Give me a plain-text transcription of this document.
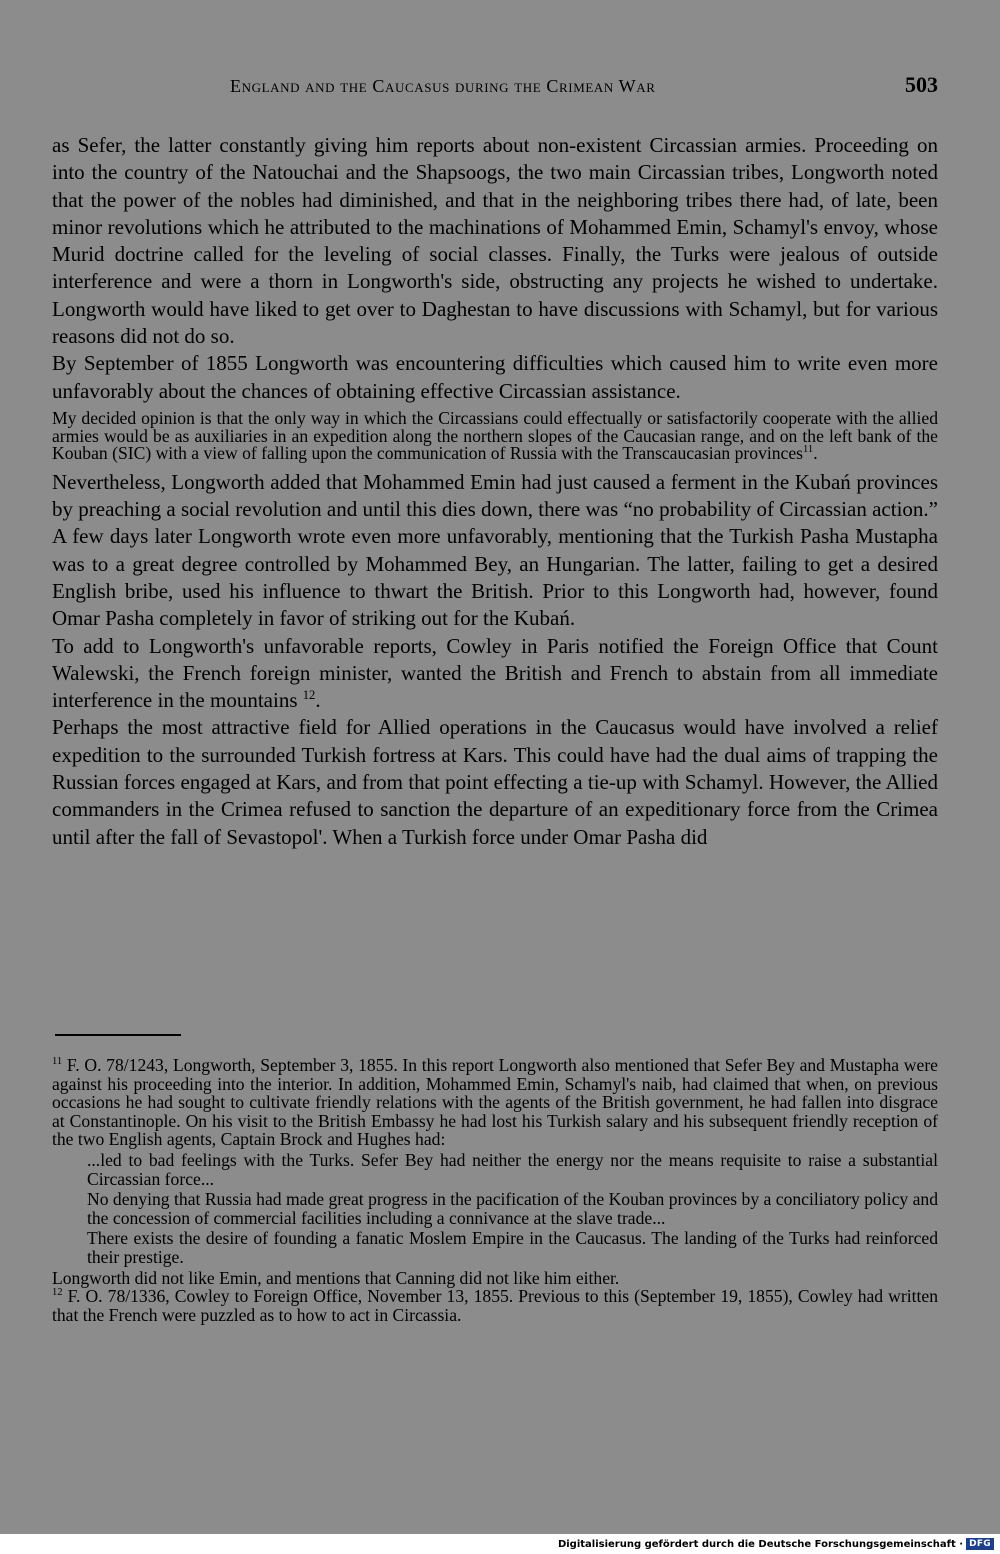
England and the Caucasus during the Crimean War	503

as Sefer, the latter constantly giving him reports about non-existent Circassian armies. Proceeding on into the country of the Natouchai and the Shapsoogs, the two main Circassian tribes, Longworth noted that the power of the nobles had diminished, and that in the neighboring tribes there had, of late, been minor revolutions which he attributed to the machinations of Mohammed Emin, Schamyl's envoy, whose Murid doctrine called for the leveling of social classes. Finally, the Turks were jealous of outside interference and were a thorn in Longworth's side, obstructing any projects he wished to undertake. Longworth would have liked to get over to Daghestan to have discussions with Schamyl, but for various reasons did not do so.

By September of 1855 Longworth was encountering difficulties which caused him to write even more unfavorably about the chances of obtaining effective Circassian assistance.

My decided opinion is that the only way in which the Circassians could effectually or satisfactorily cooperate with the allied armies would be as auxiliaries in an expedition along the northern slopes of the Caucasian range, and on the left bank of the Kouban (SIC) with a view of falling upon the communication of Russia with the Transcaucasian provinces$^{11}$.

Nevertheless, Longworth added that Mohammed Emin had just caused a ferment in the Kubań provinces by preaching a social revolution and until this dies down, there was “no probability of Circassian action.” A few days later Longworth wrote even more unfavorably, mentioning that the Turkish Pasha Mustapha was to a great degree controlled by Mohammed Bey, an Hungarian. The latter, failing to get a desired English bribe, used his influence to thwart the British. Prior to this Longworth had, however, found Omar Pasha completely in favor of striking out for the Kubań.

To add to Longworth's unfavorable reports, Cowley in Paris notified the Foreign Office that Count Walewski, the French foreign minister, wanted the British and French to abstain from all immediate interference in the mountains $^{12}$.

Perhaps the most attractive field for Allied operations in the Caucasus would have involved a relief expedition to the surrounded Turkish fortress at Kars. This could have had the dual aims of trapping the Russian forces engaged at Kars, and from that point effecting a tie-up with Schamyl. However, the Allied commanders in the Crimea refused to sanction the departure of an expeditionary force from the Crimea until after the fall of Sevastopol'. When a Turkish force under Omar Pasha did

$^{11}$ F. O. 78/1243, Longworth, September 3, 1855. In this report Longworth also mentioned that Sefer Bey and Mustapha were against his proceeding into the interior. In addition, Mohammed Emin, Schamyl's naib, had claimed that when, on previous occasions he had sought to cultivate friendly relations with the agents of the British government, he had fallen into disgrace at Constantinople. On his visit to the British Embassy he had lost his Turkish salary and his subsequent friendly reception of the two English agents, Captain Brock and Hughes had:

...led to bad feelings with the Turks. Sefer Bey had neither the energy nor the means requisite to raise a substantial Circassian force...

No denying that Russia had made great progress in the pacification of the Kouban provinces by a conciliatory policy and the concession of commercial facilities including a connivance at the slave trade...

There exists the desire of founding a fanatic Moslem Empire in the Caucasus. The landing of the Turks had reinforced their prestige.

Longworth did not like Emin, and mentions that Canning did not like him either.

$^{12}$ F. O. 78/1336, Cowley to Foreign Office, November 13, 1855. Previous to this (September 19, 1855), Cowley had written that the French were puzzled as to how to act in Circassia.

Digitalisierung gefördert durch die Deutsche Forschungsgemeinschaft · DFG
